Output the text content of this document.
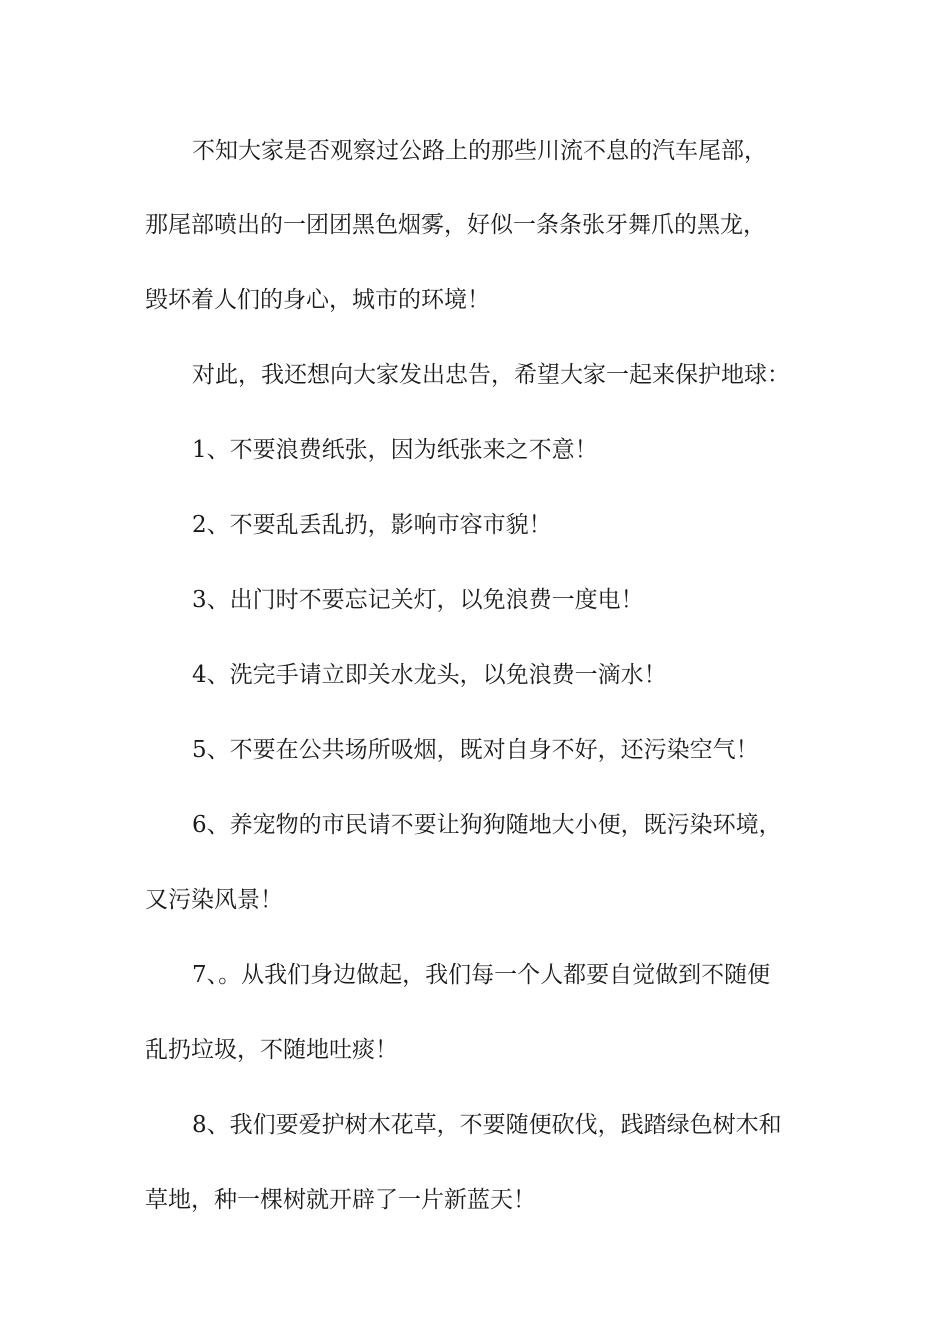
不知大家是否观察过公路上的那些川流不息的汽车尾部，
那尾部喷出的一团团黑色烟雾，好似一条条张牙舞爪的黑龙，
毁坏着人们的身心，城市的环境！
对此，我还想向大家发出忠告，希望大家一起来保护地球：
1、不要浪费纸张，因为纸张来之不意！
2、不要乱丢乱扔，影响市容市貌！
3、出门时不要忘记关灯，以免浪费一度电！
4、洗完手请立即关水龙头，以免浪费一滴水！
5、不要在公共场所吸烟，既对自身不好，还污染空气！
6、养宠物的市民请不要让狗狗随地大小便，既污染环境，
又污染风景！
7、。从我们身边做起，我们每一个人都要自觉做到不随便
乱扔垃圾，不随地吐痰！
8、我们要爱护树木花草，不要随便砍伐，践踏绿色树木和
草地，种一棵树就开辟了一片新蓝天！
